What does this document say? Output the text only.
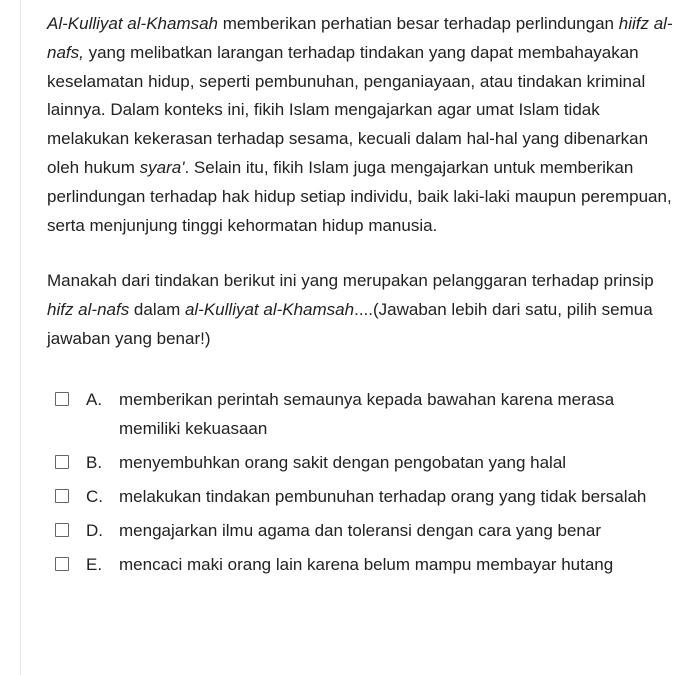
Al-Kulliyat al-Khamsah memberikan perhatian besar terhadap perlindungan hiifz al-nafs, yang melibatkan larangan terhadap tindakan yang dapat membahayakan keselamatan hidup, seperti pembunuhan, penganiayaan, atau tindakan kriminal lainnya. Dalam konteks ini, fikih Islam mengajarkan agar umat Islam tidak melakukan kekerasan terhadap sesama, kecuali dalam hal-hal yang dibenarkan oleh hukum syara'. Selain itu, fikih Islam juga mengajarkan untuk memberikan perlindungan terhadap hak hidup setiap individu, baik laki-laki maupun perempuan, serta menjunjung tinggi kehormatan hidup manusia.

Manakah dari tindakan berikut ini yang merupakan pelanggaran terhadap prinsip hifz al-nafs dalam al-Kulliyat al-Khamsah....(Jawaban lebih dari satu, pilih semua jawaban yang benar!)

A. memberikan perintah semaunya kepada bawahan karena merasa memiliki kekuasaan
B. menyembuhkan orang sakit dengan pengobatan yang halal
C. melakukan tindakan pembunuhan terhadap orang yang tidak bersalah
D. mengajarkan ilmu agama dan toleransi dengan cara yang benar
E. mencaci maki orang lain karena belum mampu membayar hutang
